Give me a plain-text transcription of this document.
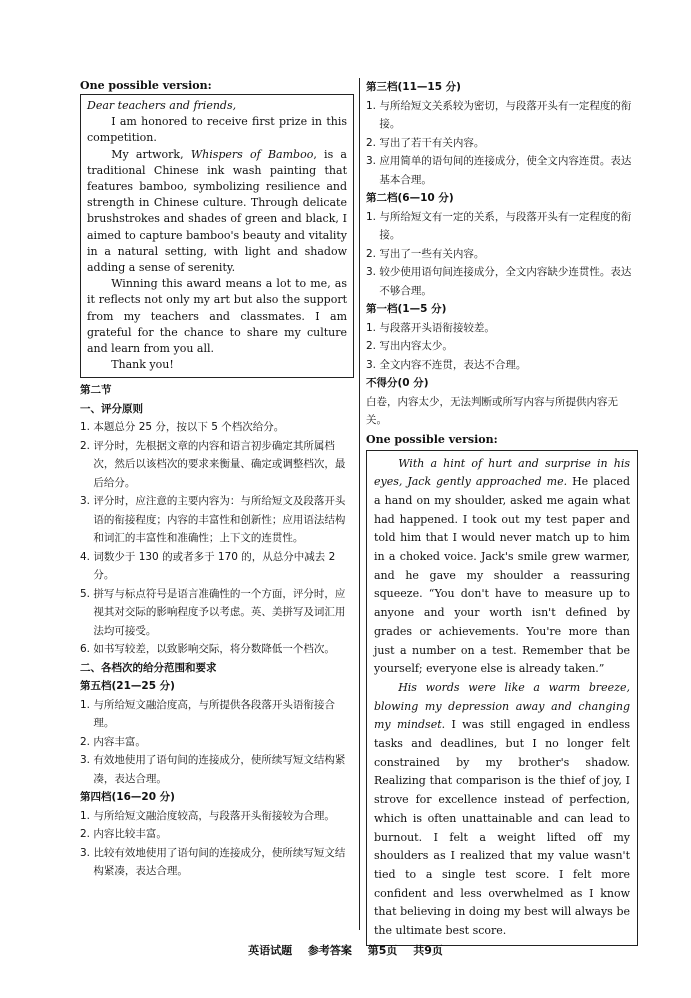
One possible version:

Dear teachers and friends,

I am honored to receive first prize in this competition.

My artwork, Whispers of Bamboo, is a traditional Chinese ink wash painting that features bamboo, symbolizing resilience and strength in Chinese culture. Through delicate brushstrokes and shades of green and black, I aimed to capture bamboo's beauty and vitality in a natural setting, with light and shadow adding a sense of serenity.

Winning this award means a lot to me, as it reflects not only my art but also the support from my teachers and classmates. I am grateful for the chance to share my culture and learn from you all.

Thank you!

第二节
一、评分原则
1. 本题总分 25 分，按以下 5 个档次给分。
2. 评分时，先根据文章的内容和语言初步确定其所属档次，然后以该档次的要求来衡量、确定或调整档次，最后给分。
3. 评分时，应注意的主要内容为：与所给短文及段落开头语的衔接程度；内容的丰富性和创新性；应用语法结构和词汇的丰富性和准确性；上下文的连贯性。
4. 词数少于 130 的或者多于 170 的，从总分中减去 2 分。
5. 拼写与标点符号是语言准确性的一个方面，评分时，应视其对交际的影响程度予以考虑。英、美拼写及词汇用法均可接受。
6. 如书写较差，以致影响交际，将分数降低一个档次。
二、各档次的给分范围和要求
第五档(21—25 分)
1. 与所给短文融洽度高，与所提供各段落开头语衔接合理。
2. 内容丰富。
3. 有效地使用了语句间的连接成分，使所续写短文结构紧凑，表达合理。
第四档(16—20 分)
1. 与所给短文融洽度较高，与段落开头衔接较为合理。
2. 内容比较丰富。
3. 比较有效地使用了语句间的连接成分，使所续写短文结构紧凑，表达合理。
第三档(11—15 分)
1. 与所给短文关系较为密切，与段落开头有一定程度的衔接。
2. 写出了若干有关内容。
3. 应用简单的语句间的连接成分，使全文内容连贯。表达基本合理。
第二档(6—10 分)
1. 与所给短文有一定的关系，与段落开头有一定程度的衔接。
2. 写出了一些有关内容。
3. 较少使用语句间连接成分，全文内容缺少连贯性。表达不够合理。
第一档(1—5 分)
1. 与段落开头语衔接较差。
2. 写出内容太少。
3. 全文内容不连贯，表达不合理。
不得分(0 分)
白卷，内容太少，无法判断或所写内容与所提供内容无关。
One possible version:

With a hint of hurt and surprise in his eyes, Jack gently approached me. He placed a hand on my shoulder, asked me again what had happened. I took out my test paper and told him that I would never match up to him in a choked voice. Jack's smile grew warmer, and he gave my shoulder a reassuring squeeze. “You don't have to measure up to anyone and your worth isn't defined by grades or achievements. You're more than just a number on a test. Remember that be yourself; everyone else is already taken.”

His words were like a warm breeze, blowing my depression away and changing my mindset. I was still engaged in endless tasks and deadlines, but I no longer felt constrained by my brother's shadow. Realizing that comparison is the thief of joy, I strove for excellence instead of perfection, which is often unattainable and can lead to burnout. I felt a weight lifted off my shoulders as I realized that my value wasn't tied to a single test score. I felt more confident and less overwhelmed as I know that believing in doing my best will always be the ultimate best score.

英语试题 参考答案 第5页 共9页
